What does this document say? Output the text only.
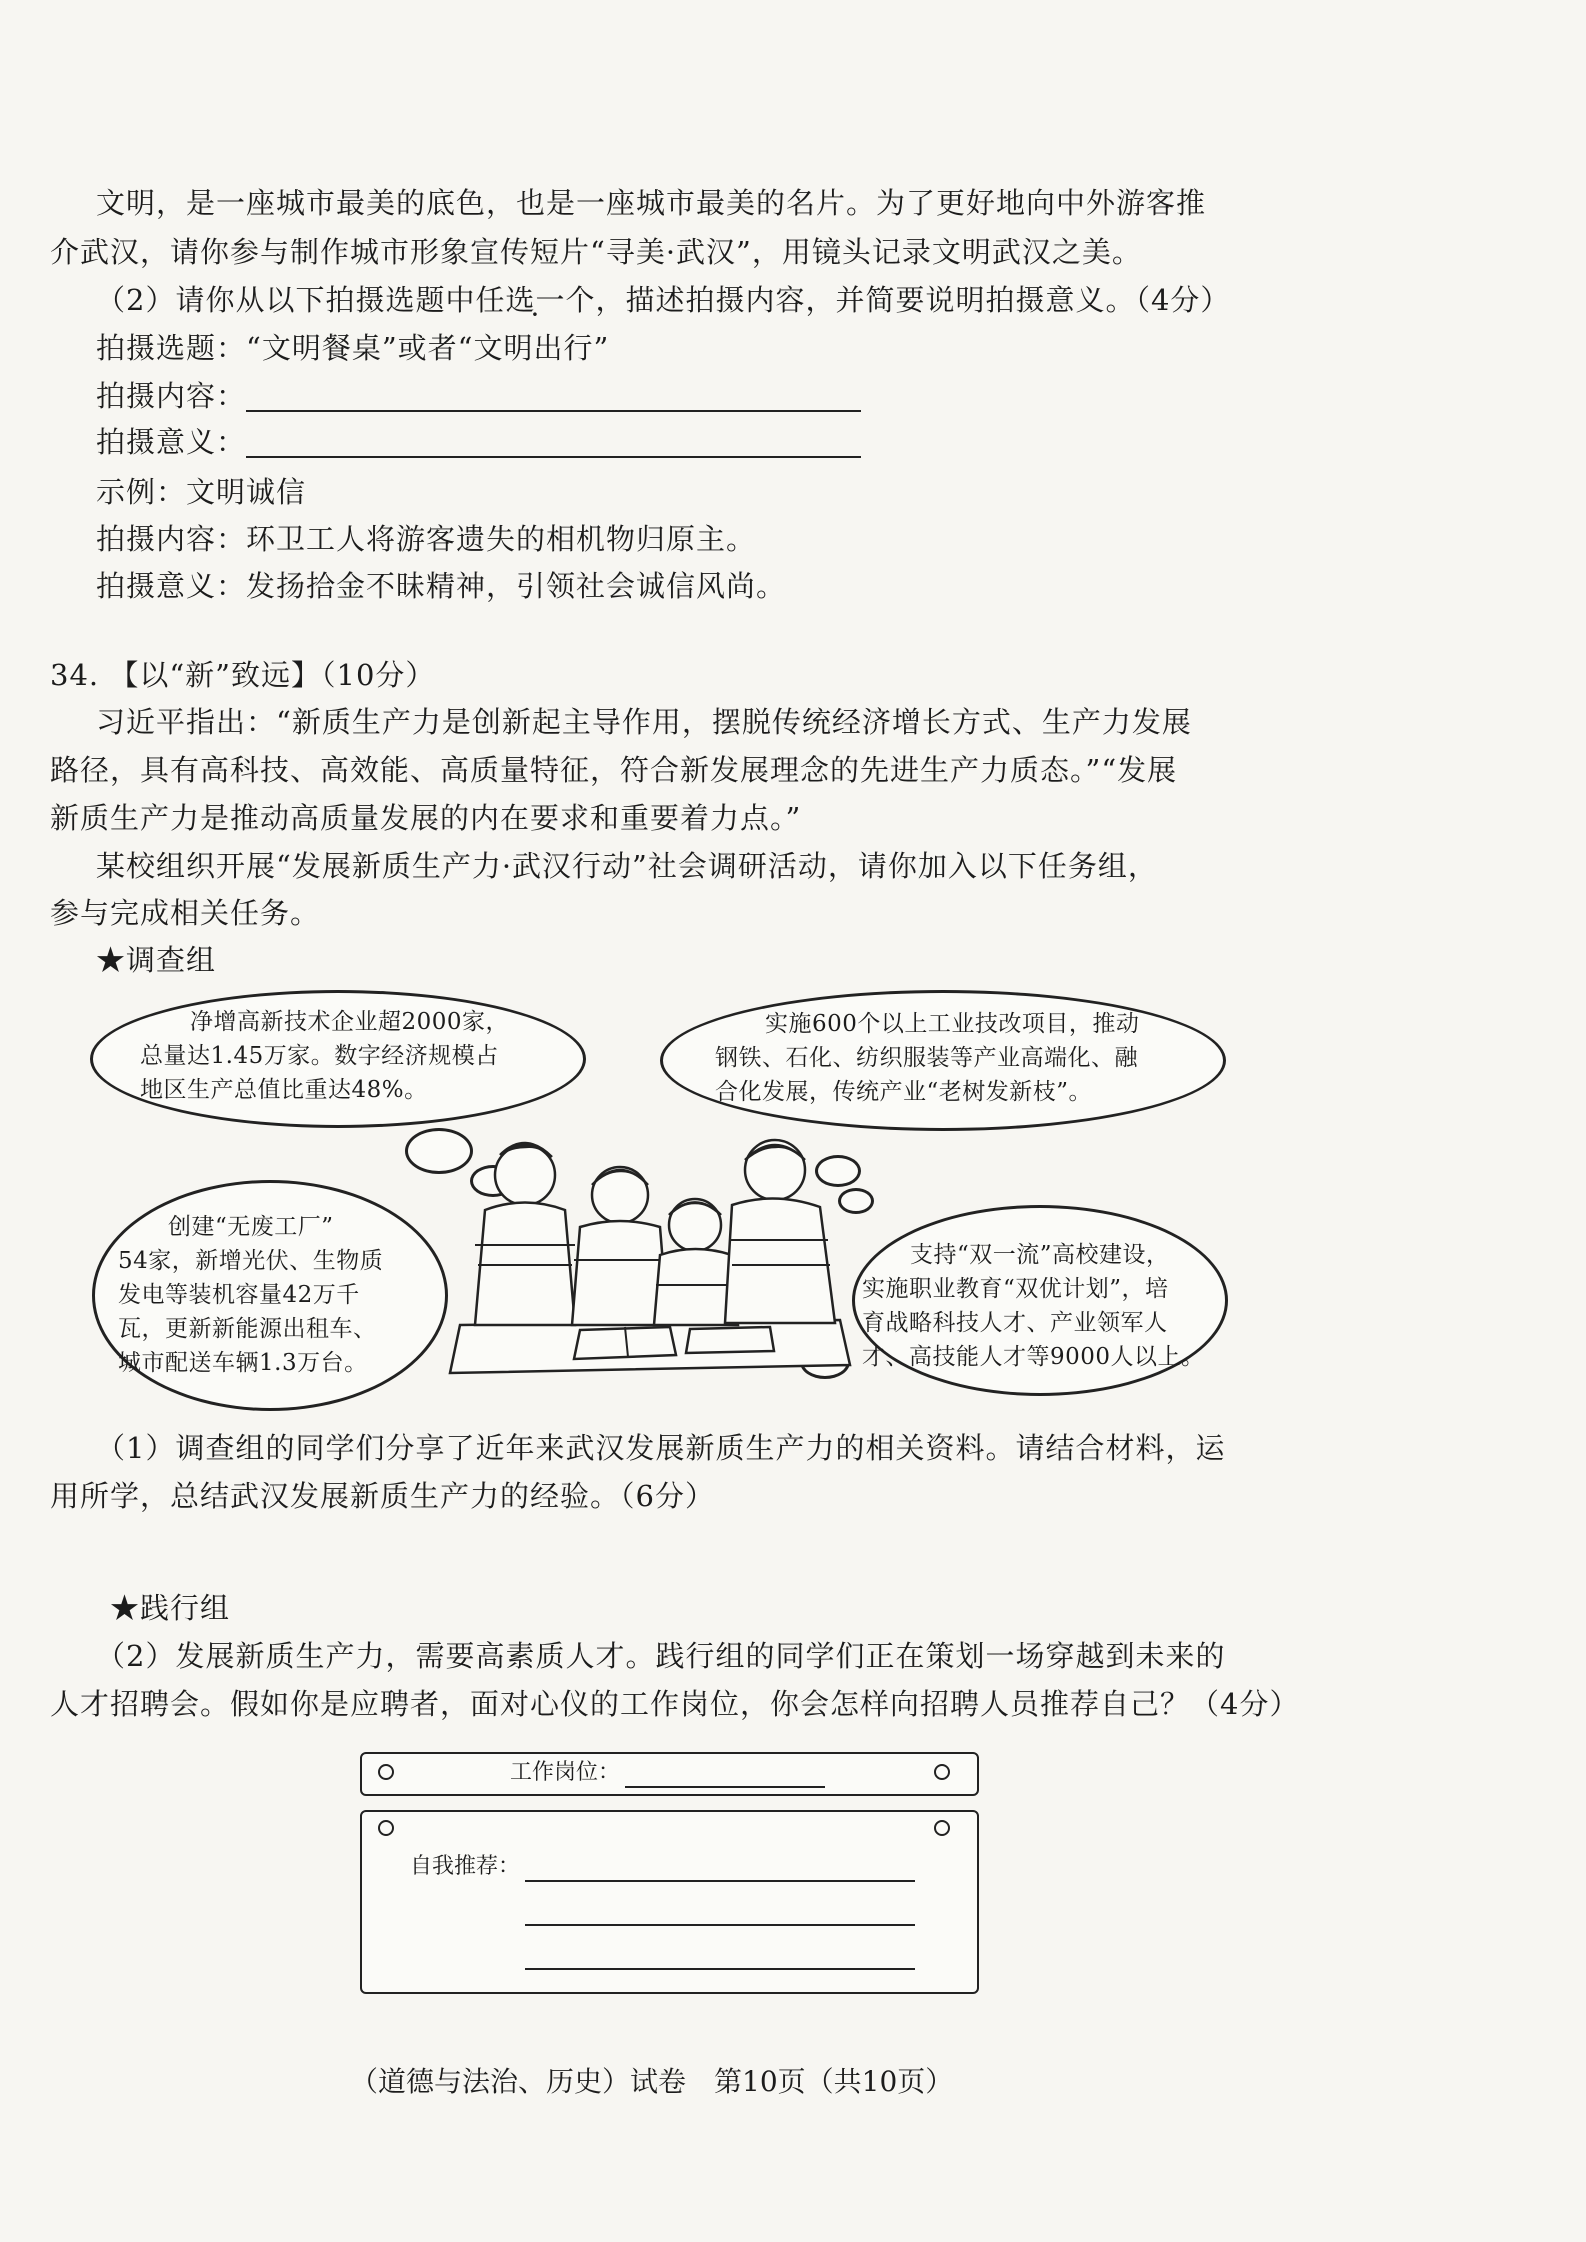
文明，是一座城市最美的底色，也是一座城市最美的名片。为了更好地向中外游客推
介武汉，请你参与制作城市形象宣传短片“寻美·武汉”，用镜头记录文明武汉之美。
（2）请你从以下拍摄选题中任选一个，描述拍摄内容，并简要说明拍摄意义。（4分）
拍摄选题：“文明餐桌”或者“文明出行”
拍摄内容：
拍摄意义：
示例：文明诚信
拍摄内容：环卫工人将游客遗失的相机物归原主。
拍摄意义：发扬拾金不昧精神，引领社会诚信风尚。
34. 【以“新”致远】（10分）
习近平指出：“新质生产力是创新起主导作用，摆脱传统经济增长方式、生产力发展
路径，具有高科技、高效能、高质量特征，符合新发展理念的先进生产力质态。”“发展
新质生产力是推动高质量发展的内在要求和重要着力点。”
某校组织开展“发展新质生产力·武汉行动”社会调研活动，请你加入以下任务组，
参与完成相关任务。
★调查组
净增高新技术企业超2000家，
总量达1.45万家。数字经济规模占
地区生产总值比重达48%。
实施600个以上工业技改项目，推动
钢铁、石化、纺织服装等产业高端化、融
合化发展，传统产业“老树发新枝”。
创建“无废工厂”
54家，新增光伏、生物质
发电等装机容量42万千
瓦，更新新能源出租车、
城市配送车辆1.3万台。
支持“双一流”高校建设，
实施职业教育“双优计划”，培
育战略科技人才、产业领军人
才、高技能人才等9000人以上。
（1）调查组的同学们分享了近年来武汉发展新质生产力的相关资料。请结合材料，运
用所学，总结武汉发展新质生产力的经验。（6分）
★践行组
（2）发展新质生产力，需要高素质人才。践行组的同学们正在策划一场穿越到未来的
人才招聘会。假如你是应聘者，面对心仪的工作岗位，你会怎样向招聘人员推荐自己？（4分）
工作岗位：
自我推荐：
（道德与法治、历史）试卷　第10页（共10页）
